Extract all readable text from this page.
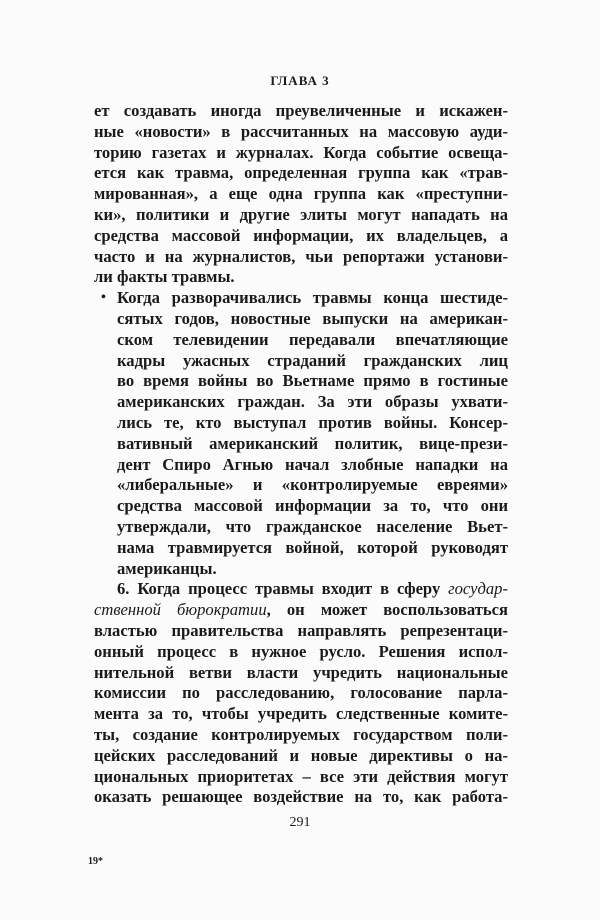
ГЛАВА 3
ет создавать иногда преувеличенные и искажен-
ные «новости» в рассчитанных на массовую ауди-
торию газетах и журналах. Когда событие освеща-
ется как травма, определенная группа как «трав-
мированная», а еще одна группа как «преступни-
ки», политики и другие элиты могут нападать на
средства массовой информации, их владельцев, а
часто и на журналистов, чьи репортажи установи-
ли факты травмы.
Когда разворачивались травмы конца шестиде-
•
сятых годов, новостные выпуски на американ-
ском телевидении передавали впечатляющие
кадры ужасных страданий гражданских лиц
во время войны во Вьетнаме прямо в гостиные
американских граждан. За эти образы ухвати-
лись те, кто выступал против войны. Консер-
вативный американский политик, вице-прези-
дент Спиро Агнью начал злобные нападки на
«либеральные» и «контролируемые евреями»
средства массовой информации за то, что они
утверждали, что гражданское население Вьет-
нама травмируется войной, которой руководят
американцы.
6. Когда процесс травмы входит в сферу государ-
ственной бюрократии, он может воспользоваться
властью правительства направлять репрезентаци-
онный процесс в нужное русло. Решения испол-
нительной ветви власти учредить национальные
комиссии по расследованию, голосование парла-
мента за то, чтобы учредить следственные комите-
ты, создание контролируемых государством поли-
цейских расследований и новые директивы о на-
циональных приоритетах – все эти действия могут
оказать решающее воздействие на то, как работа-
291
19*
